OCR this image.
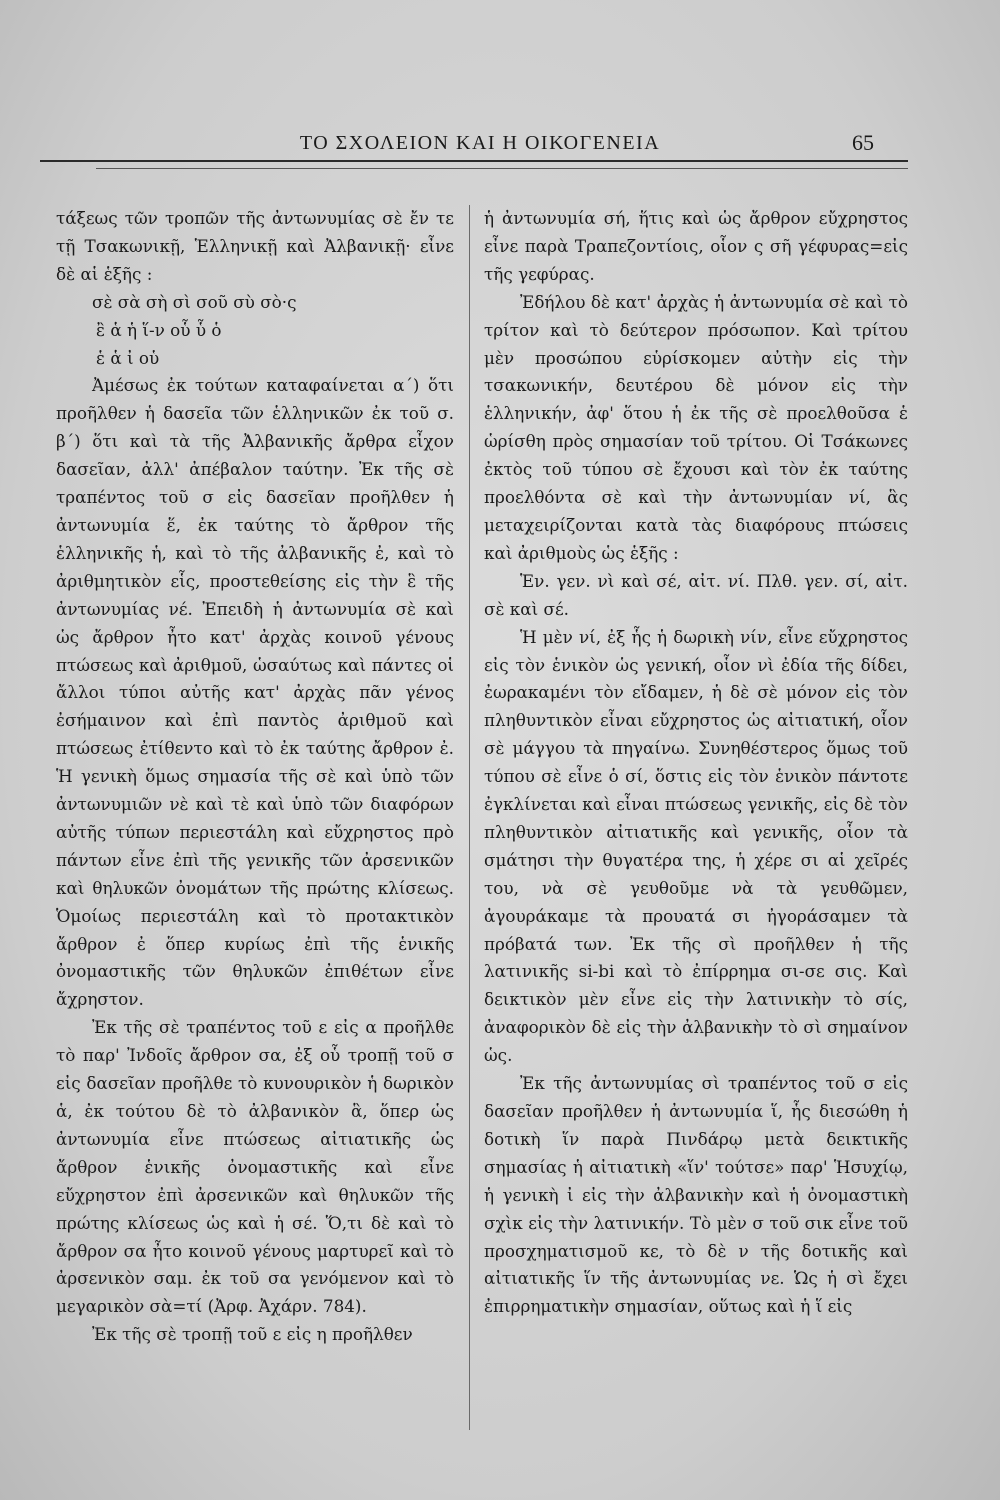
ΤΟ ΣΧΟΛΕΙΟΝ ΚΑΙ Η ΟΙΚΟΓΕΝΕΙΑ	65

τάξεως τῶν τροπῶν τῆς ἀντωνυμίας σὲ ἔν τε τῇ Τσακωνικῇ, Ἑλληνικῇ καὶ Ἀλβανικῇ· εἶνε δὲ αἱ ἑξῆς :

σὲ σὰ σὴ σὶ σοῦ σὺ σὸ·ς

ἒ ἁ ἡ ἵ-ν οὗ ὗ ὁ

ἑ ἁ ἰ οὑ

Ἀμέσως ἐκ τούτων καταφαίνεται α΄) ὅτι προῆλθεν ἡ δασεῖα τῶν ἑλληνικῶν ἐκ τοῦ σ. β΄) ὅτι καὶ τὰ τῆς Ἀλβανικῆς ἄρθρα εἶχον δασεῖαν, ἀλλ' ἀπέβαλον ταύτην. Ἐκ τῆς σὲ τραπέντος τοῦ σ εἰς δασεῖαν προῆλθεν ἡ ἀντωνυμία ἕ, ἐκ ταύτης τὸ ἄρθρον τῆς ἑλληνικῆς ἡ, καὶ τὸ τῆς ἀλβανικῆς ἐ, καὶ τὸ ἀριθμητικὸν εἷς, προστεθείσης εἰς τὴν ἓ τῆς ἀντωνυμίας νέ. Ἐπειδὴ ἡ ἀντωνυμία σὲ καὶ ὡς ἄρθρον ἦτο κατ' ἀρχὰς κοινοῦ γένους πτώσεως καὶ ἀριθμοῦ, ὡσαύτως καὶ πάντες οἱ ἄλλοι τύποι αὐτῆς κατ' ἀρχὰς πᾶν γένος ἐσήμαινον καὶ ἐπὶ παντὸς ἀριθμοῦ καὶ πτώσεως ἐτίθεντο καὶ τὸ ἐκ ταύτης ἄρθρον ἐ. Ἡ γενικὴ ὅμως σημασία τῆς σὲ καὶ ὑπὸ τῶν ἀντωνυμιῶν νὲ καὶ τὲ καὶ ὑπὸ τῶν διαφόρων αὐτῆς τύπων περιεστάλη καὶ εὔχρηστος πρὸ πάντων εἶνε ἐπὶ τῆς γενικῆς τῶν ἀρσενικῶν καὶ θηλυκῶν ὀνομάτων τῆς πρώτης κλίσεως. Ὁμοίως περιεστάλη καὶ τὸ προτακτικὸν ἄρθρον ἐ ὅπερ κυρίως ἐπὶ τῆς ἑνικῆς ὀνομαστικῆς τῶν θηλυκῶν ἐπιθέτων εἶνε ἄχρηστον.

Ἐκ τῆς σὲ τραπέντος τοῦ ε εἰς α προῆλθε τὸ παρ' Ἰνδοῖς ἄρθρον σα, ἐξ οὗ τροπῇ τοῦ σ εἰς δασεῖαν προῆλθε τὸ κυνουρικὸν ἡ δωρικὸν ἁ, ἐκ τούτου δὲ τὸ ἀλβανικὸν ἃ, ὅπερ ὡς ἀντωνυμία εἶνε πτώσεως αἰτιατικῆς ὡς ἄρθρον ἑνικῆς ὀνομαστικῆς καὶ εἶνε εὔχρηστον ἐπὶ ἀρσενικῶν καὶ θηλυκῶν τῆς πρώτης κλίσεως ὡς καὶ ἡ σέ. Ὅ,τι δὲ καὶ τὸ ἄρθρον σα ἦτο κοινοῦ γένους μαρτυρεῖ καὶ τὸ ἀρσενικὸν σαμ. ἐκ τοῦ σα γενόμενον καὶ τὸ μεγαρικὸν σὰ=τί (Ἀρφ. Ἀχάρν. 784).

Ἐκ τῆς σὲ τροπῇ τοῦ ε εἰς η προῆλθεν

ἡ ἀντωνυμία σή, ἥτις καὶ ὡς ἄρθρον εὔχρηστος εἶνε παρὰ Τραπεζοντίοις, οἷον ς σῆ γέφυρας=εἰς τῆς γεφύρας.

Ἐδήλου δὲ κατ' ἀρχὰς ἡ ἀντωνυμία σὲ καὶ τὸ τρίτον καὶ τὸ δεύτερον πρόσωπον. Καὶ τρίτου μὲν προσώπου εὑρίσκομεν αὐτὴν εἰς τὴν τσακωνικήν, δευτέρου δὲ μόνον εἰς τὴν ἑλληνικήν, ἀφ' ὅτου ἡ ἐκ τῆς σὲ προελθοῦσα ἑ ὡρίσθη πρὸς σημασίαν τοῦ τρίτου. Οἱ Τσάκωνες ἐκτὸς τοῦ τύπου σὲ ἔχουσι καὶ τὸν ἐκ ταύτης προελθόντα σὲ καὶ τὴν ἀντωνυμίαν νί, ἃς μεταχειρίζονται κατὰ τὰς διαφόρους πτώσεις καὶ ἀριθμοὺς ὡς ἑξῆς :

Ἑν. γεν. νὶ καὶ σέ, αἰτ. νί. Πλθ. γεν. σί, αἰτ. σὲ καὶ σέ.

Ἡ μὲν νί, ἐξ ἧς ἡ δωρικὴ νίν, εἶνε εὔχρηστος εἰς τὸν ἑνικὸν ὡς γενική, οἷον νὶ ἐδία τῆς δίδει, ἐωρακαμένι τὸν εἴδαμεν, ἡ δὲ σὲ μόνον εἰς τὸν πληθυντικὸν εἶναι εὔχρηστος ὡς αἰτιατική, οἷον σὲ μάγγου τὰ πηγαίνω. Συνηθέστερος ὅμως τοῦ τύπου σὲ εἶνε ὁ σί, ὅστις εἰς τὸν ἑνικὸν πάντοτε ἐγκλίνεται καὶ εἶναι πτώσεως γενικῆς, εἰς δὲ τὸν πληθυντικὸν αἰτιατικῆς καὶ γενικῆς, οἷον τὰ σμάτησι τὴν θυγατέρα της, ἡ χέρε σι αἱ χεῖρές του, νὰ σὲ γευθοῦμε νὰ τὰ γευθῶμεν, ἀγουράκαμε τὰ προυατά σι ἠγοράσαμεν τὰ πρόβατά των. Ἐκ τῆς σὶ προῆλθεν ἡ τῆς λατινικῆς si-bi καὶ τὸ ἐπίρρημα σι-σε σις. Καὶ δεικτικὸν μὲν εἶνε εἰς τὴν λατινικὴν τὸ σίς, ἀναφορικὸν δὲ εἰς τὴν ἀλβανικὴν τὸ σὶ σημαίνον ὡς.

Ἐκ τῆς ἀντωνυμίας σὶ τραπέντος τοῦ σ εἰς δασεῖαν προῆλθεν ἡ ἀντωνυμία ἵ, ἧς διεσώθη ἡ δοτικὴ ἵν παρὰ Πινδάρῳ μετὰ δεικτικῆς σημασίας ἡ αἰτιατικὴ «ἵν' τούτσε» παρ' Ἡσυχίῳ, ἡ γενικὴ ἰ εἰς τὴν ἀλβανικὴν καὶ ἡ ὀνομαστικὴ σχὶκ εἰς τὴν λατινικήν. Τὸ μὲν σ τοῦ σικ εἶνε τοῦ προσχηματισμοῦ κε, τὸ δὲ ν τῆς δοτικῆς καὶ αἰτιατικῆς ἵν τῆς ἀντωνυμίας νε. Ὡς ἡ σὶ ἔχει ἐπιρρηματικὴν σημασίαν, οὕτως καὶ ἡ ἵ εἰς
